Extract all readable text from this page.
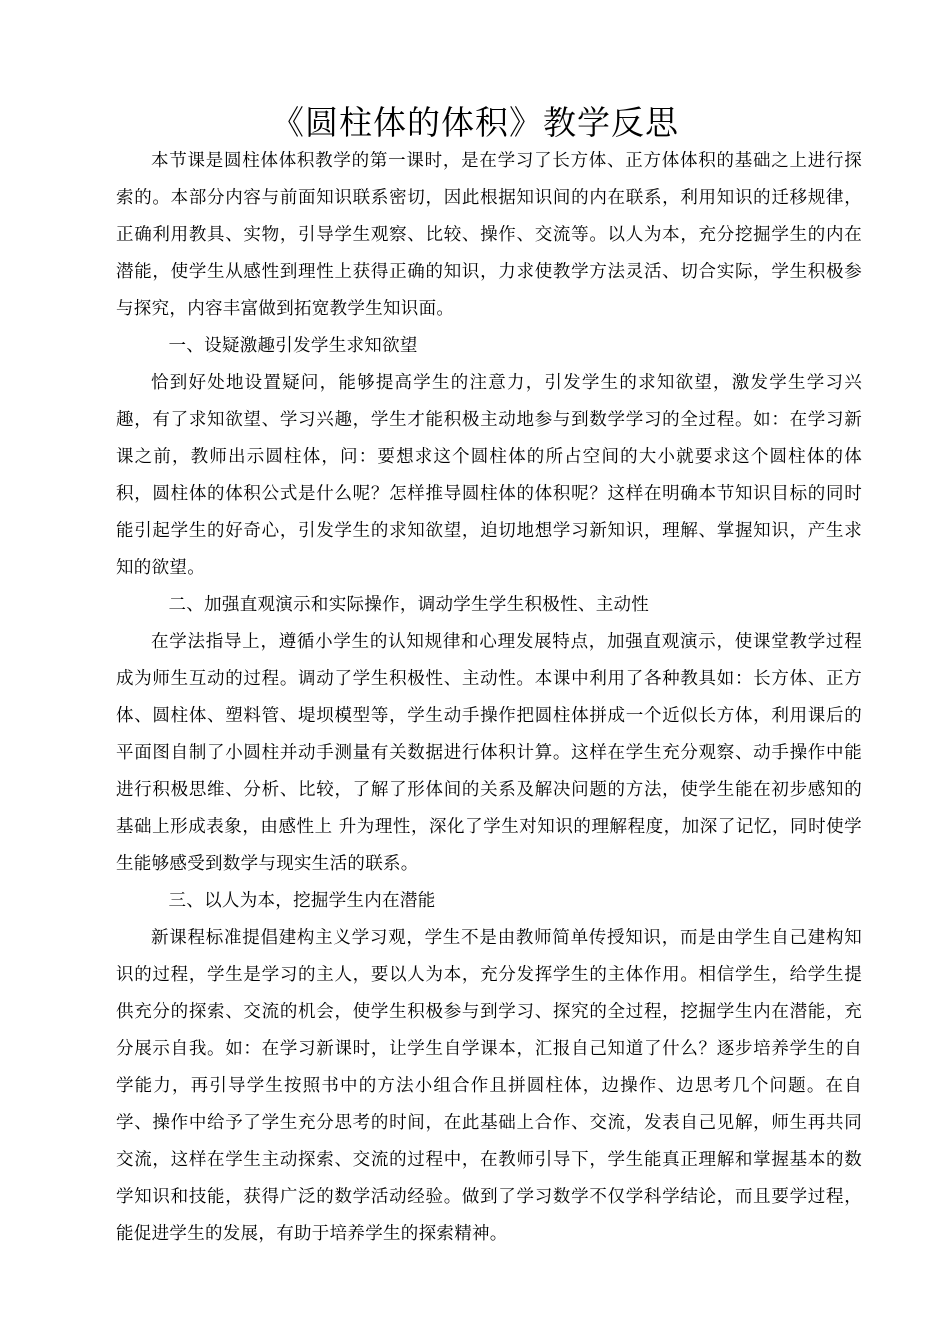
《圆柱体的体积》教学反思

本节课是圆柱体体积教学的第一课时，是在学习了长方体、正方体体积的基础之上进行探索的。本部分内容与前面知识联系密切，因此根据知识间的内在联系，利用知识的迁移规律，正确利用教具、实物，引导学生观察、比较、操作、交流等。以人为本，充分挖掘学生的内在潜能，使学生从感性到理性上获得正确的知识，力求使教学方法灵活、切合实际，学生积极参与探究，内容丰富做到拓宽教学生知识面。

一、设疑激趣引发学生求知欲望

恰到好处地设置疑问，能够提高学生的注意力，引发学生的求知欲望，激发学生学习兴趣，有了求知欲望、学习兴趣，学生才能积极主动地参与到数学学习的全过程。如：在学习新课之前，教师出示圆柱体，问：要想求这个圆柱体的所占空间的大小就要求这个圆柱体的体积，圆柱体的体积公式是什么呢？怎样推导圆柱体的体积呢？这样在明确本节知识目标的同时能引起学生的好奇心，引发学生的求知欲望，迫切地想学习新知识，理解、掌握知识，产生求知的欲望。

二、加强直观演示和实际操作，调动学生学生积极性、主动性

在学法指导上，遵循小学生的认知规律和心理发展特点，加强直观演示，使课堂教学过程成为师生互动的过程。调动了学生积极性、主动性。本课中利用了各种教具如：长方体、正方体、圆柱体、塑料管、堤坝模型等，学生动手操作把圆柱体拼成一个近似长方体，利用课后的平面图自制了小圆柱并动手测量有关数据进行体积计算。这样在学生充分观察、动手操作中能进行积极思维、分析、比较，了解了形体间的关系及解决问题的方法，使学生能在初步感知的基础上形成表象，由感性上 升为理性，深化了学生对知识的理解程度，加深了记忆，同时使学生能够感受到数学与现实生活的联系。

三、以人为本，挖掘学生内在潜能

新课程标准提倡建构主义学习观，学生不是由教师简单传授知识，而是由学生自己建构知识的过程，学生是学习的主人，要以人为本，充分发挥学生的主体作用。相信学生，给学生提供充分的探索、交流的机会，使学生积极参与到学习、探究的全过程，挖掘学生内在潜能，充分展示自我。如：在学习新课时，让学生自学课本，汇报自己知道了什么？逐步培养学生的自学能力，再引导学生按照书中的方法小组合作且拼圆柱体，边操作、边思考几个问题。在自学、操作中给予了学生充分思考的时间，在此基础上合作、交流，发表自己见解，师生再共同交流，这样在学生主动探索、交流的过程中，在教师引导下，学生能真正理解和掌握基本的数学知识和技能，获得广泛的数学活动经验。做到了学习数学不仅学科学结论，而且要学过程，能促进学生的发展，有助于培养学生的探索精神。
